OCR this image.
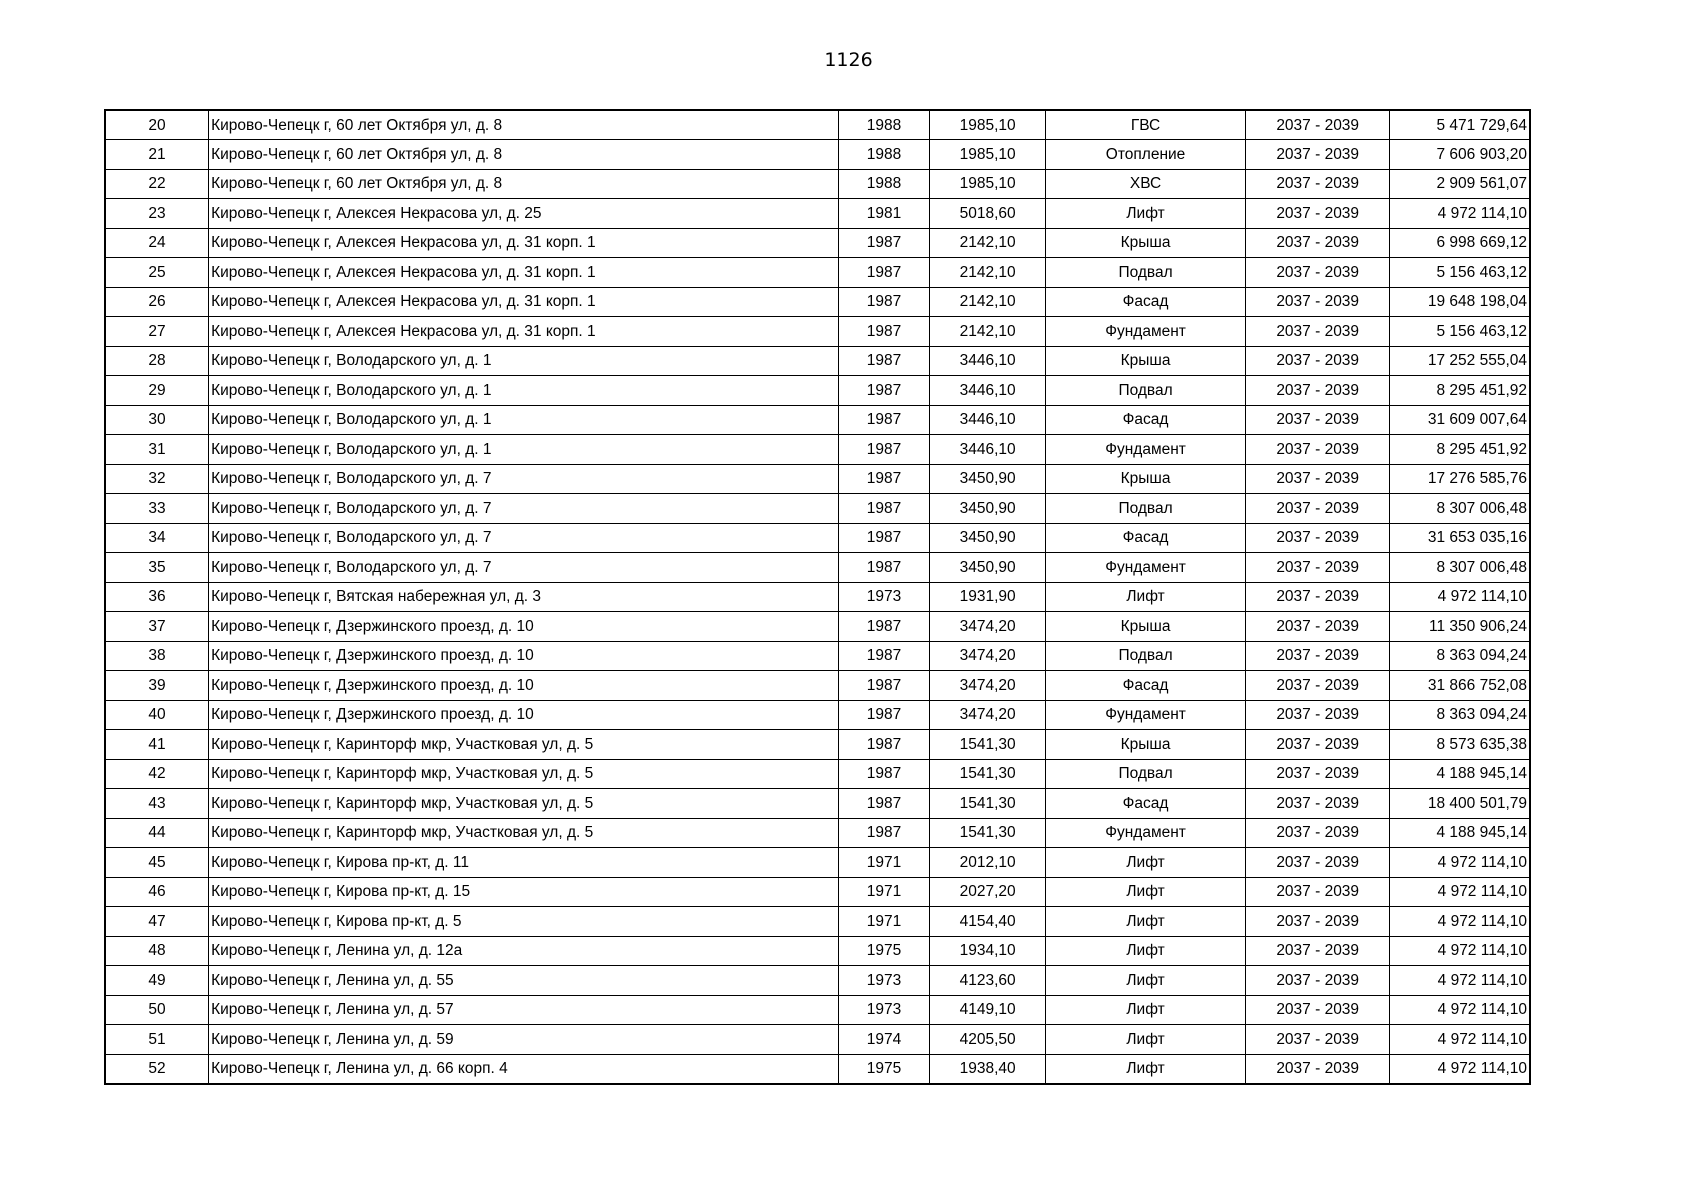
1126
20	Кирово-Чепецк г, 60 лет Октября ул, д. 8	1988	1985,10	ГВС	2037 - 2039	5 471 729,64
21	Кирово-Чепецк г, 60 лет Октября ул, д. 8	1988	1985,10	Отопление	2037 - 2039	7 606 903,20
22	Кирово-Чепецк г, 60 лет Октября ул, д. 8	1988	1985,10	ХВС	2037 - 2039	2 909 561,07
23	Кирово-Чепецк г, Алексея Некрасова ул, д. 25	1981	5018,60	Лифт	2037 - 2039	4 972 114,10
24	Кирово-Чепецк г, Алексея Некрасова ул, д. 31 корп. 1	1987	2142,10	Крыша	2037 - 2039	6 998 669,12
25	Кирово-Чепецк г, Алексея Некрасова ул, д. 31 корп. 1	1987	2142,10	Подвал	2037 - 2039	5 156 463,12
26	Кирово-Чепецк г, Алексея Некрасова ул, д. 31 корп. 1	1987	2142,10	Фасад	2037 - 2039	19 648 198,04
27	Кирово-Чепецк г, Алексея Некрасова ул, д. 31 корп. 1	1987	2142,10	Фундамент	2037 - 2039	5 156 463,12
28	Кирово-Чепецк г, Володарского ул, д. 1	1987	3446,10	Крыша	2037 - 2039	17 252 555,04
29	Кирово-Чепецк г, Володарского ул, д. 1	1987	3446,10	Подвал	2037 - 2039	8 295 451,92
30	Кирово-Чепецк г, Володарского ул, д. 1	1987	3446,10	Фасад	2037 - 2039	31 609 007,64
31	Кирово-Чепецк г, Володарского ул, д. 1	1987	3446,10	Фундамент	2037 - 2039	8 295 451,92
32	Кирово-Чепецк г, Володарского ул, д. 7	1987	3450,90	Крыша	2037 - 2039	17 276 585,76
33	Кирово-Чепецк г, Володарского ул, д. 7	1987	3450,90	Подвал	2037 - 2039	8 307 006,48
34	Кирово-Чепецк г, Володарского ул, д. 7	1987	3450,90	Фасад	2037 - 2039	31 653 035,16
35	Кирово-Чепецк г, Володарского ул, д. 7	1987	3450,90	Фундамент	2037 - 2039	8 307 006,48
36	Кирово-Чепецк г, Вятская набережная ул, д. 3	1973	1931,90	Лифт	2037 - 2039	4 972 114,10
37	Кирово-Чепецк г, Дзержинского проезд, д. 10	1987	3474,20	Крыша	2037 - 2039	11 350 906,24
38	Кирово-Чепецк г, Дзержинского проезд, д. 10	1987	3474,20	Подвал	2037 - 2039	8 363 094,24
39	Кирово-Чепецк г, Дзержинского проезд, д. 10	1987	3474,20	Фасад	2037 - 2039	31 866 752,08
40	Кирово-Чепецк г, Дзержинского проезд, д. 10	1987	3474,20	Фундамент	2037 - 2039	8 363 094,24
41	Кирово-Чепецк г, Каринторф мкр, Участковая ул, д. 5	1987	1541,30	Крыша	2037 - 2039	8 573 635,38
42	Кирово-Чепецк г, Каринторф мкр, Участковая ул, д. 5	1987	1541,30	Подвал	2037 - 2039	4 188 945,14
43	Кирово-Чепецк г, Каринторф мкр, Участковая ул, д. 5	1987	1541,30	Фасад	2037 - 2039	18 400 501,79
44	Кирово-Чепецк г, Каринторф мкр, Участковая ул, д. 5	1987	1541,30	Фундамент	2037 - 2039	4 188 945,14
45	Кирово-Чепецк г, Кирова пр-кт, д. 11	1971	2012,10	Лифт	2037 - 2039	4 972 114,10
46	Кирово-Чепецк г, Кирова пр-кт, д. 15	1971	2027,20	Лифт	2037 - 2039	4 972 114,10
47	Кирово-Чепецк г, Кирова пр-кт, д. 5	1971	4154,40	Лифт	2037 - 2039	4 972 114,10
48	Кирово-Чепецк г, Ленина ул, д. 12а	1975	1934,10	Лифт	2037 - 2039	4 972 114,10
49	Кирово-Чепецк г, Ленина ул, д. 55	1973	4123,60	Лифт	2037 - 2039	4 972 114,10
50	Кирово-Чепецк г, Ленина ул, д. 57	1973	4149,10	Лифт	2037 - 2039	4 972 114,10
51	Кирово-Чепецк г, Ленина ул, д. 59	1974	4205,50	Лифт	2037 - 2039	4 972 114,10
52	Кирово-Чепецк г, Ленина ул, д. 66 корп. 4	1975	1938,40	Лифт	2037 - 2039	4 972 114,10
